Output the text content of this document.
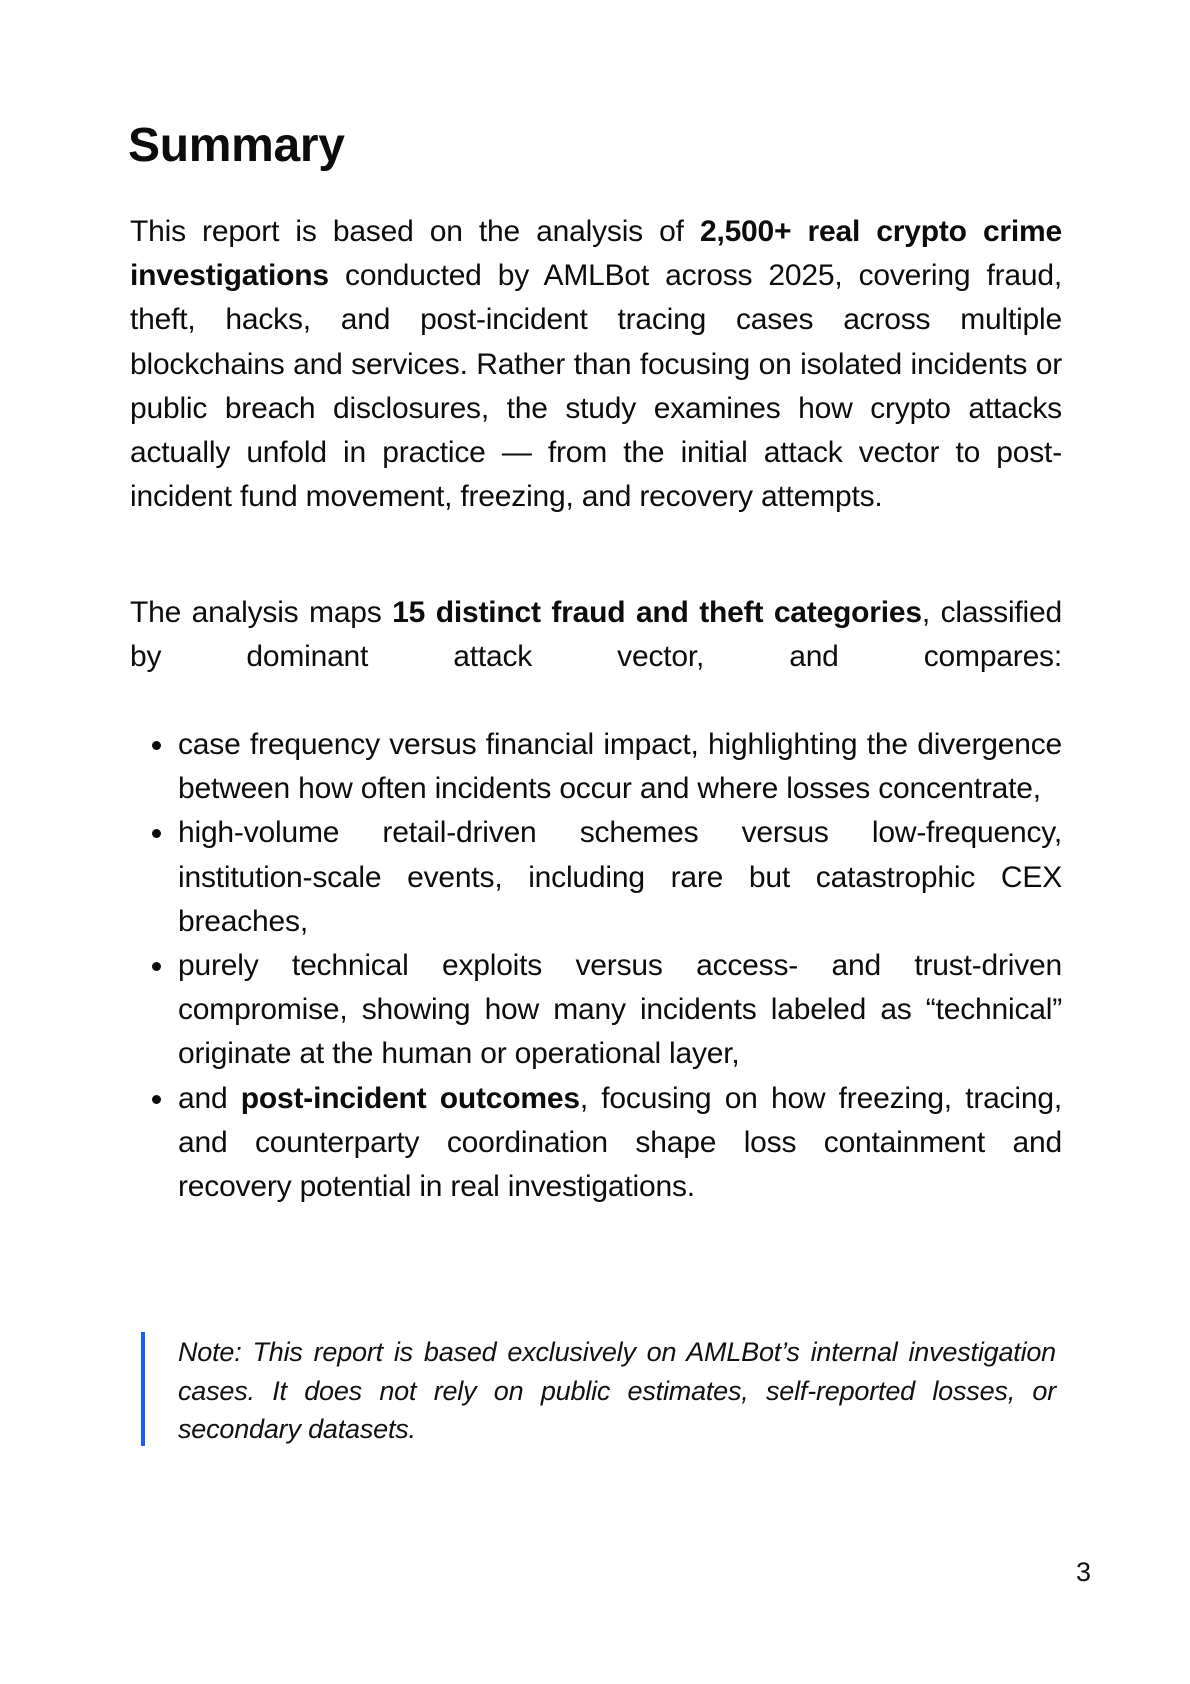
Summary

This report is based on the analysis of 2,500+ real crypto crime investigations conducted by AMLBot across 2025, covering fraud, theft, hacks, and post-incident tracing cases across multiple blockchains and services. Rather than focusing on isolated incidents or public breach disclosures, the study examines how crypto attacks actually unfold in practice — from the initial attack vector to post-incident fund movement, freezing, and recovery attempts.

The analysis maps 15 distinct fraud and theft categories, classified by dominant attack vector, and compares:

case frequency versus financial impact, highlighting the divergence between how often incidents occur and where losses concentrate,
high-volume retail-driven schemes versus low-frequency, institution-scale events, including rare but catastrophic CEX breaches,
purely technical exploits versus access- and trust-driven compromise, showing how many incidents labeled as “technical” originate at the human or operational layer,
and post-incident outcomes, focusing on how freezing, tracing, and counterparty coordination shape loss containment and recovery potential in real investigations.

Note: This report is based exclusively on AMLBot’s internal investigation cases. It does not rely on public estimates, self-reported losses, or secondary datasets.

3
